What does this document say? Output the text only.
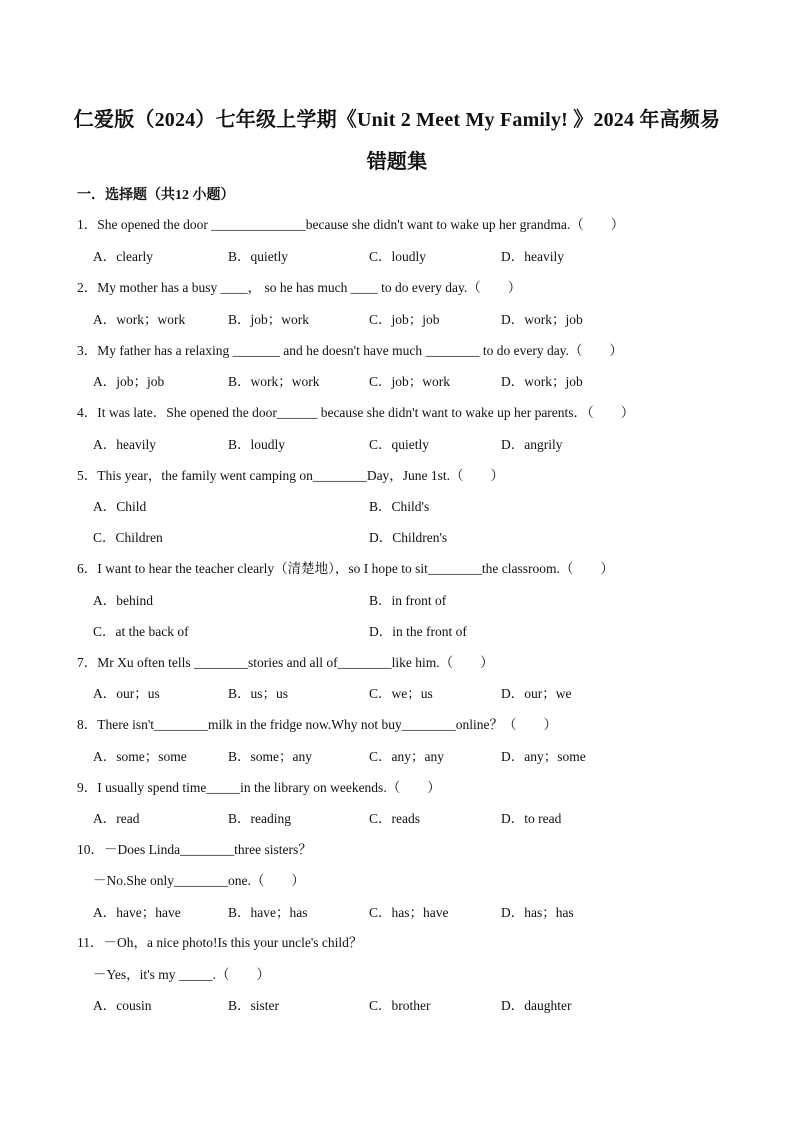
仁爱版（2024）七年级上学期《Unit 2 Meet My Family! 》2024 年高频易
错题集
一．选择题（共12 小题）
1．She opened the door ______________because she didn't want to wake up her grandma.（　　）
A．clearly	B．quietly	C．loudly	D．heavily
2．My mother has a busy ____， so he has much ____ to do every day.（　　）
A．work；work	B．job；work	C．job；job	D．work；job
3．My father has a relaxing _______ and he doesn't have much ________ to do every day.（　　）
A．job；job	B．work；work	C．job；work	D．work；job
4．It was late．She opened the door______ because she didn't want to wake up her parents．（　　）
A．heavily	B．loudly	C．quietly	D．angrily
5．This year，the family went camping on________Day，June 1st.（　　）
A．Child	B．Child's
C．Children	D．Children's
6．I want to hear the teacher clearly（清楚地），so I hope to sit________the classroom.（　　）
A．behind	B．in front of
C．at the back of	D．in the front of
7．Mr Xu often tells ________stories and all of________like him.（　　）
A．our；us	B．us；us	C．we；us	D．our；we
8．There isn't________milk in the fridge now.Why not buy________online？（　　）
A．some；some	B．some；any	C．any；any	D．any；some
9．I usually spend time_____in the library on weekends.（　　）
A．read	B．reading	C．reads	D．to read
10．－Does Linda________three sisters？
－No.She only________one.（　　）
A．have；have	B．have；has	C．has；have	D．has；has
11．－Oh，a nice photo!Is this your uncle's child？
－Yes，it's my _____.（　　）
A．cousin	B．sister	C．brother	D．daughter
